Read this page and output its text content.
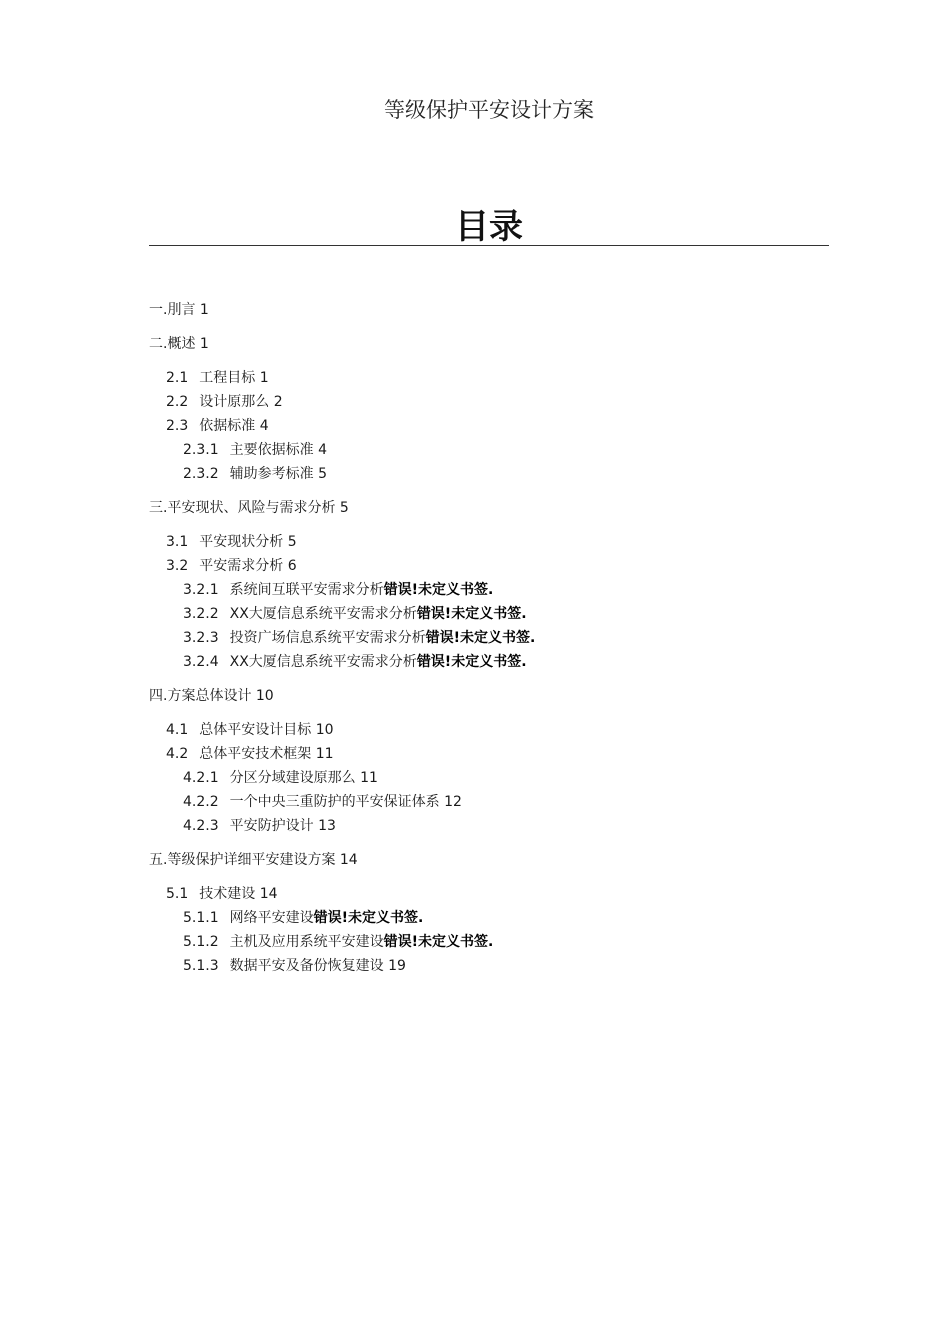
等级保护平安设计方案
目录
一.刖言 1
二.概述 1
2.1 工程目标 1
2.2 设计原那么 2
2.3 依据标准 4
2.3.1 主要依据标准 4
2.3.2 辅助参考标准 5
三.平安现状、风险与需求分析 5
3.1 平安现状分析 5
3.2 平安需求分析 6
3.2.1 系统间互联平安需求分析错误!未定义书签.
3.2.2 XX大厦信息系统平安需求分析错误!未定义书签.
3.2.3 投资广场信息系统平安需求分析错误!未定义书签.
3.2.4 XX大厦信息系统平安需求分析错误!未定义书签.
四.方案总体设计 10
4.1 总体平安设计目标 10
4.2 总体平安技术框架 11
4.2.1 分区分域建设原那么 11
4.2.2 一个中央三重防护的平安保证体系 12
4.2.3 平安防护设计 13
五.等级保护详细平安建设方案 14
5.1 技术建设 14
5.1.1 网络平安建设错误!未定义书签.
5.1.2 主机及应用系统平安建设错误!未定义书签.
5.1.3 数据平安及备份恢复建设 19
